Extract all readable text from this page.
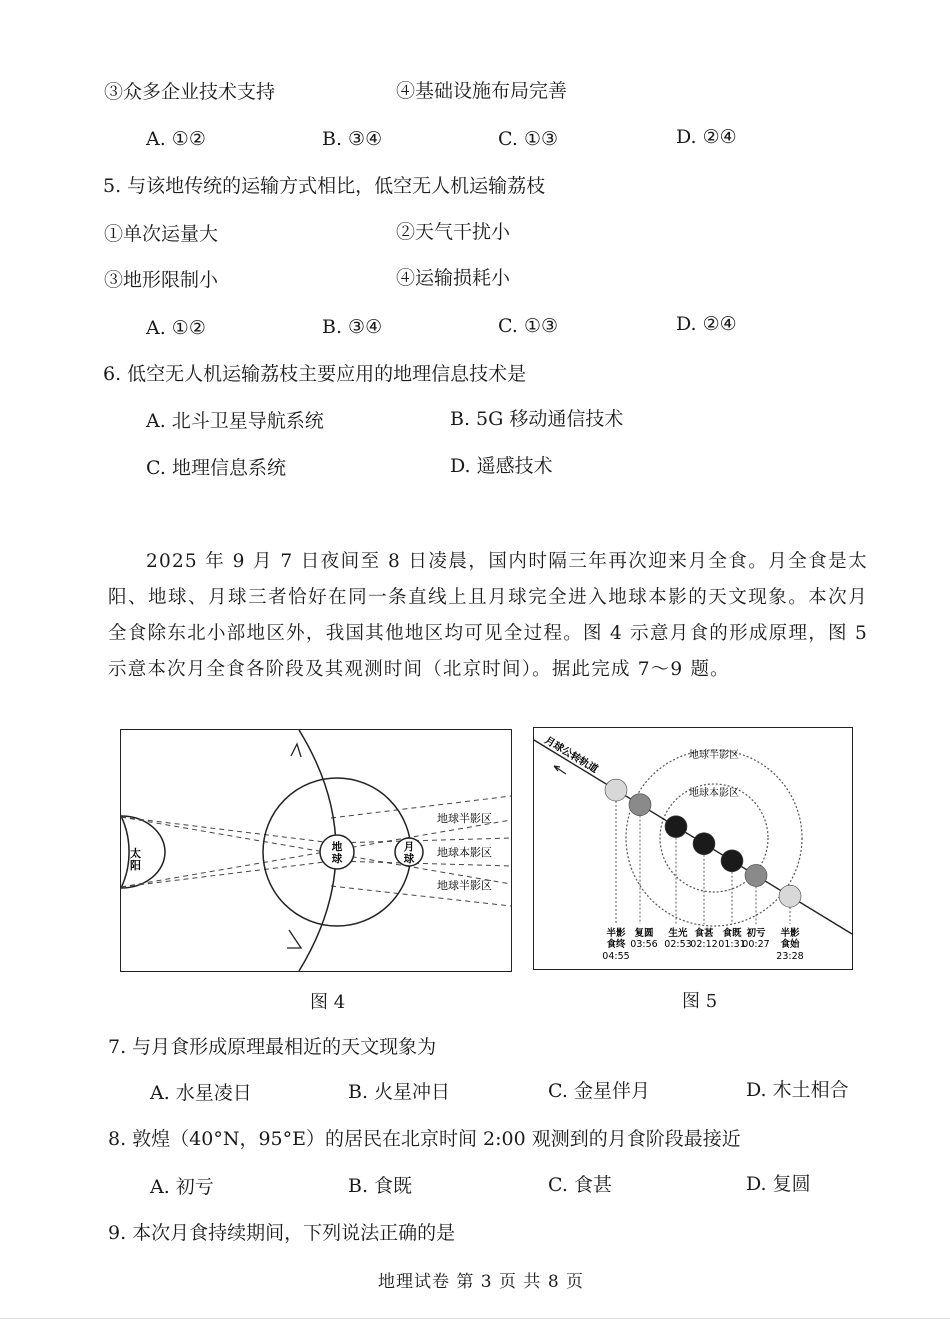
③众多企业技术支持	④基础设施布局完善
A. ①②	B. ③④	C. ①③	D. ②④
5. 与该地传统的运输方式相比，低空无人机运输荔枝
①单次运量大	②天气干扰小
③地形限制小	④运输损耗小
A. ①②	B. ③④	C. ①③	D. ②④
6. 低空无人机运输荔枝主要应用的地理信息技术是
A. 北斗卫星导航系统	B. 5G 移动通信技术
C. 地理信息系统	D. 遥感技术
2025 年 9 月 7 日夜间至 8 日凌晨，国内时隔三年再次迎来月全食。月全食是太阳、地球、月球三者恰好在同一条直线上且月球完全进入地球本影的天文现象。本次月全食除东北小部地区外，我国其他地区均可见全过程。图 4 示意月食的形成原理，图 5 示意本次月全食各阶段及其观测时间（北京时间）。据此完成 7～9 题。
太阳
地球
月球
地球半影区
地球本影区
地球半影区
图 4
月球公转轨道	地球半影区
地球本影区
半影食终
04:55
复圆
03:56
生光
02:53
食甚
02:12
食既
01:31
初亏
00:27
半影食始
23:28
图 5
7. 与月食形成原理最相近的天文现象为
A. 水星凌日	B. 火星冲日	C. 金星伴月	D. 木土相合
8. 敦煌（40°N，95°E）的居民在北京时间 2:00 观测到的月食阶段最接近
A. 初亏	B. 食既	C. 食甚	D. 复圆
9. 本次月食持续期间，下列说法正确的是
地理试卷 第 3 页 共 8 页
